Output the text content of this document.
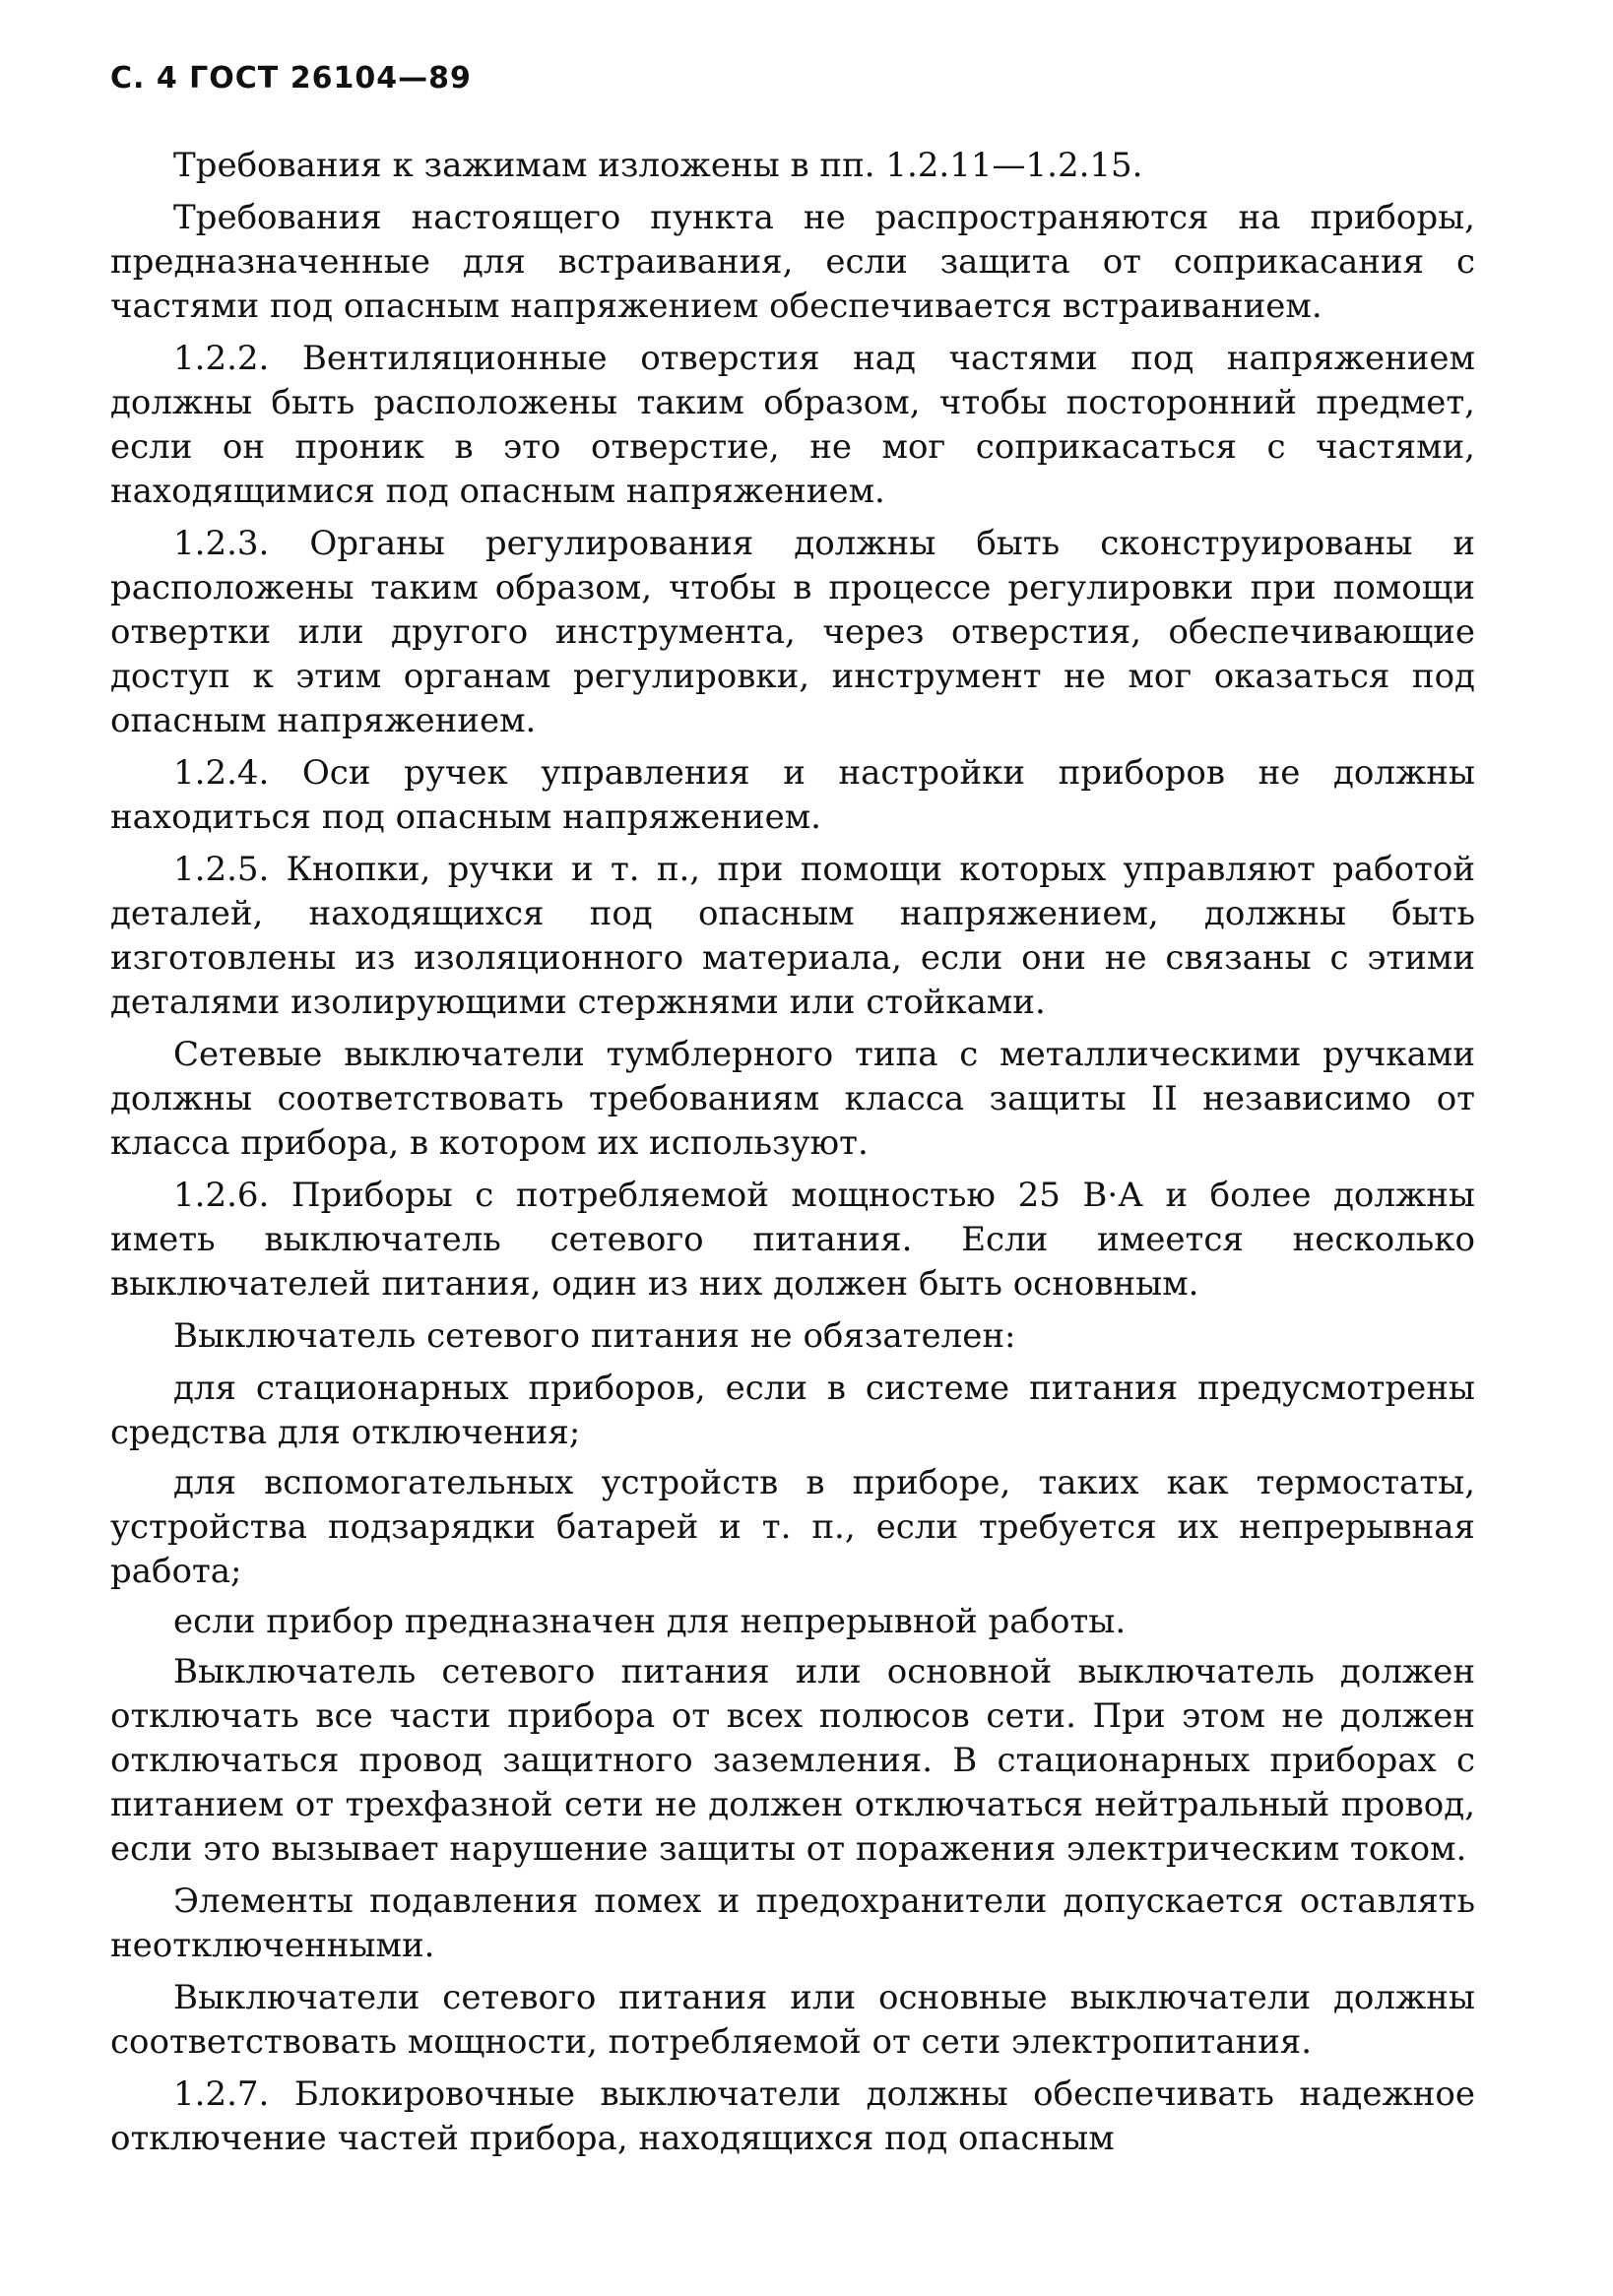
С. 4 ГОСТ 26104—89

Требования к зажимам изложены в пп. 1.2.11—1.2.15.

Требования настоящего пункта не распространяются на приборы, предназначенные для встраивания, если защита от соприкасания с частями под опасным напряжением обеспечивается встраиванием.

1.2.2. Вентиляционные отверстия над частями под напряжением должны быть расположены таким образом, чтобы посторонний предмет, если он проник в это отверстие, не мог соприкасаться с частями, находящимися под опасным напряжением.

1.2.3. Органы регулирования должны быть сконструированы и расположены таким образом, чтобы в процессе регулировки при помощи отвертки или другого инструмента, через отверстия, обеспечивающие доступ к этим органам регулировки, инструмент не мог оказаться под опасным напряжением.

1.2.4. Оси ручек управления и настройки приборов не должны находиться под опасным напряжением.

1.2.5. Кнопки, ручки и т. п., при помощи которых управляют работой деталей, находящихся под опасным напряжением, должны быть изготовлены из изоляционного материала, если они не связаны с этими деталями изолирующими стержнями или стойками.

Сетевые выключатели тумблерного типа с металлическими ручками должны соответствовать требованиям класса защиты II независимо от класса прибора, в котором их используют.

1.2.6. Приборы с потребляемой мощностью 25 В·А и более должны иметь выключатель сетевого питания. Если имеется несколько выключателей питания, один из них должен быть основным.

Выключатель сетевого питания не обязателен:

для стационарных приборов, если в системе питания предусмотрены средства для отключения;

для вспомогательных устройств в приборе, таких как термостаты, устройства подзарядки батарей и т. п., если требуется их непрерывная работа;

если прибор предназначен для непрерывной работы.

Выключатель сетевого питания или основной выключатель должен отключать все части прибора от всех полюсов сети. При этом не должен отключаться провод защитного заземления. В стационарных приборах с питанием от трехфазной сети не должен отключаться нейтральный провод, если это вызывает нарушение защиты от поражения электрическим током.

Элементы подавления помех и предохранители допускается оставлять неотключенными.

Выключатели сетевого питания или основные выключатели должны соответствовать мощности, потребляемой от сети электропитания.

1.2.7. Блокировочные выключатели должны обеспечивать надежное отключение частей прибора, находящихся под опасным
